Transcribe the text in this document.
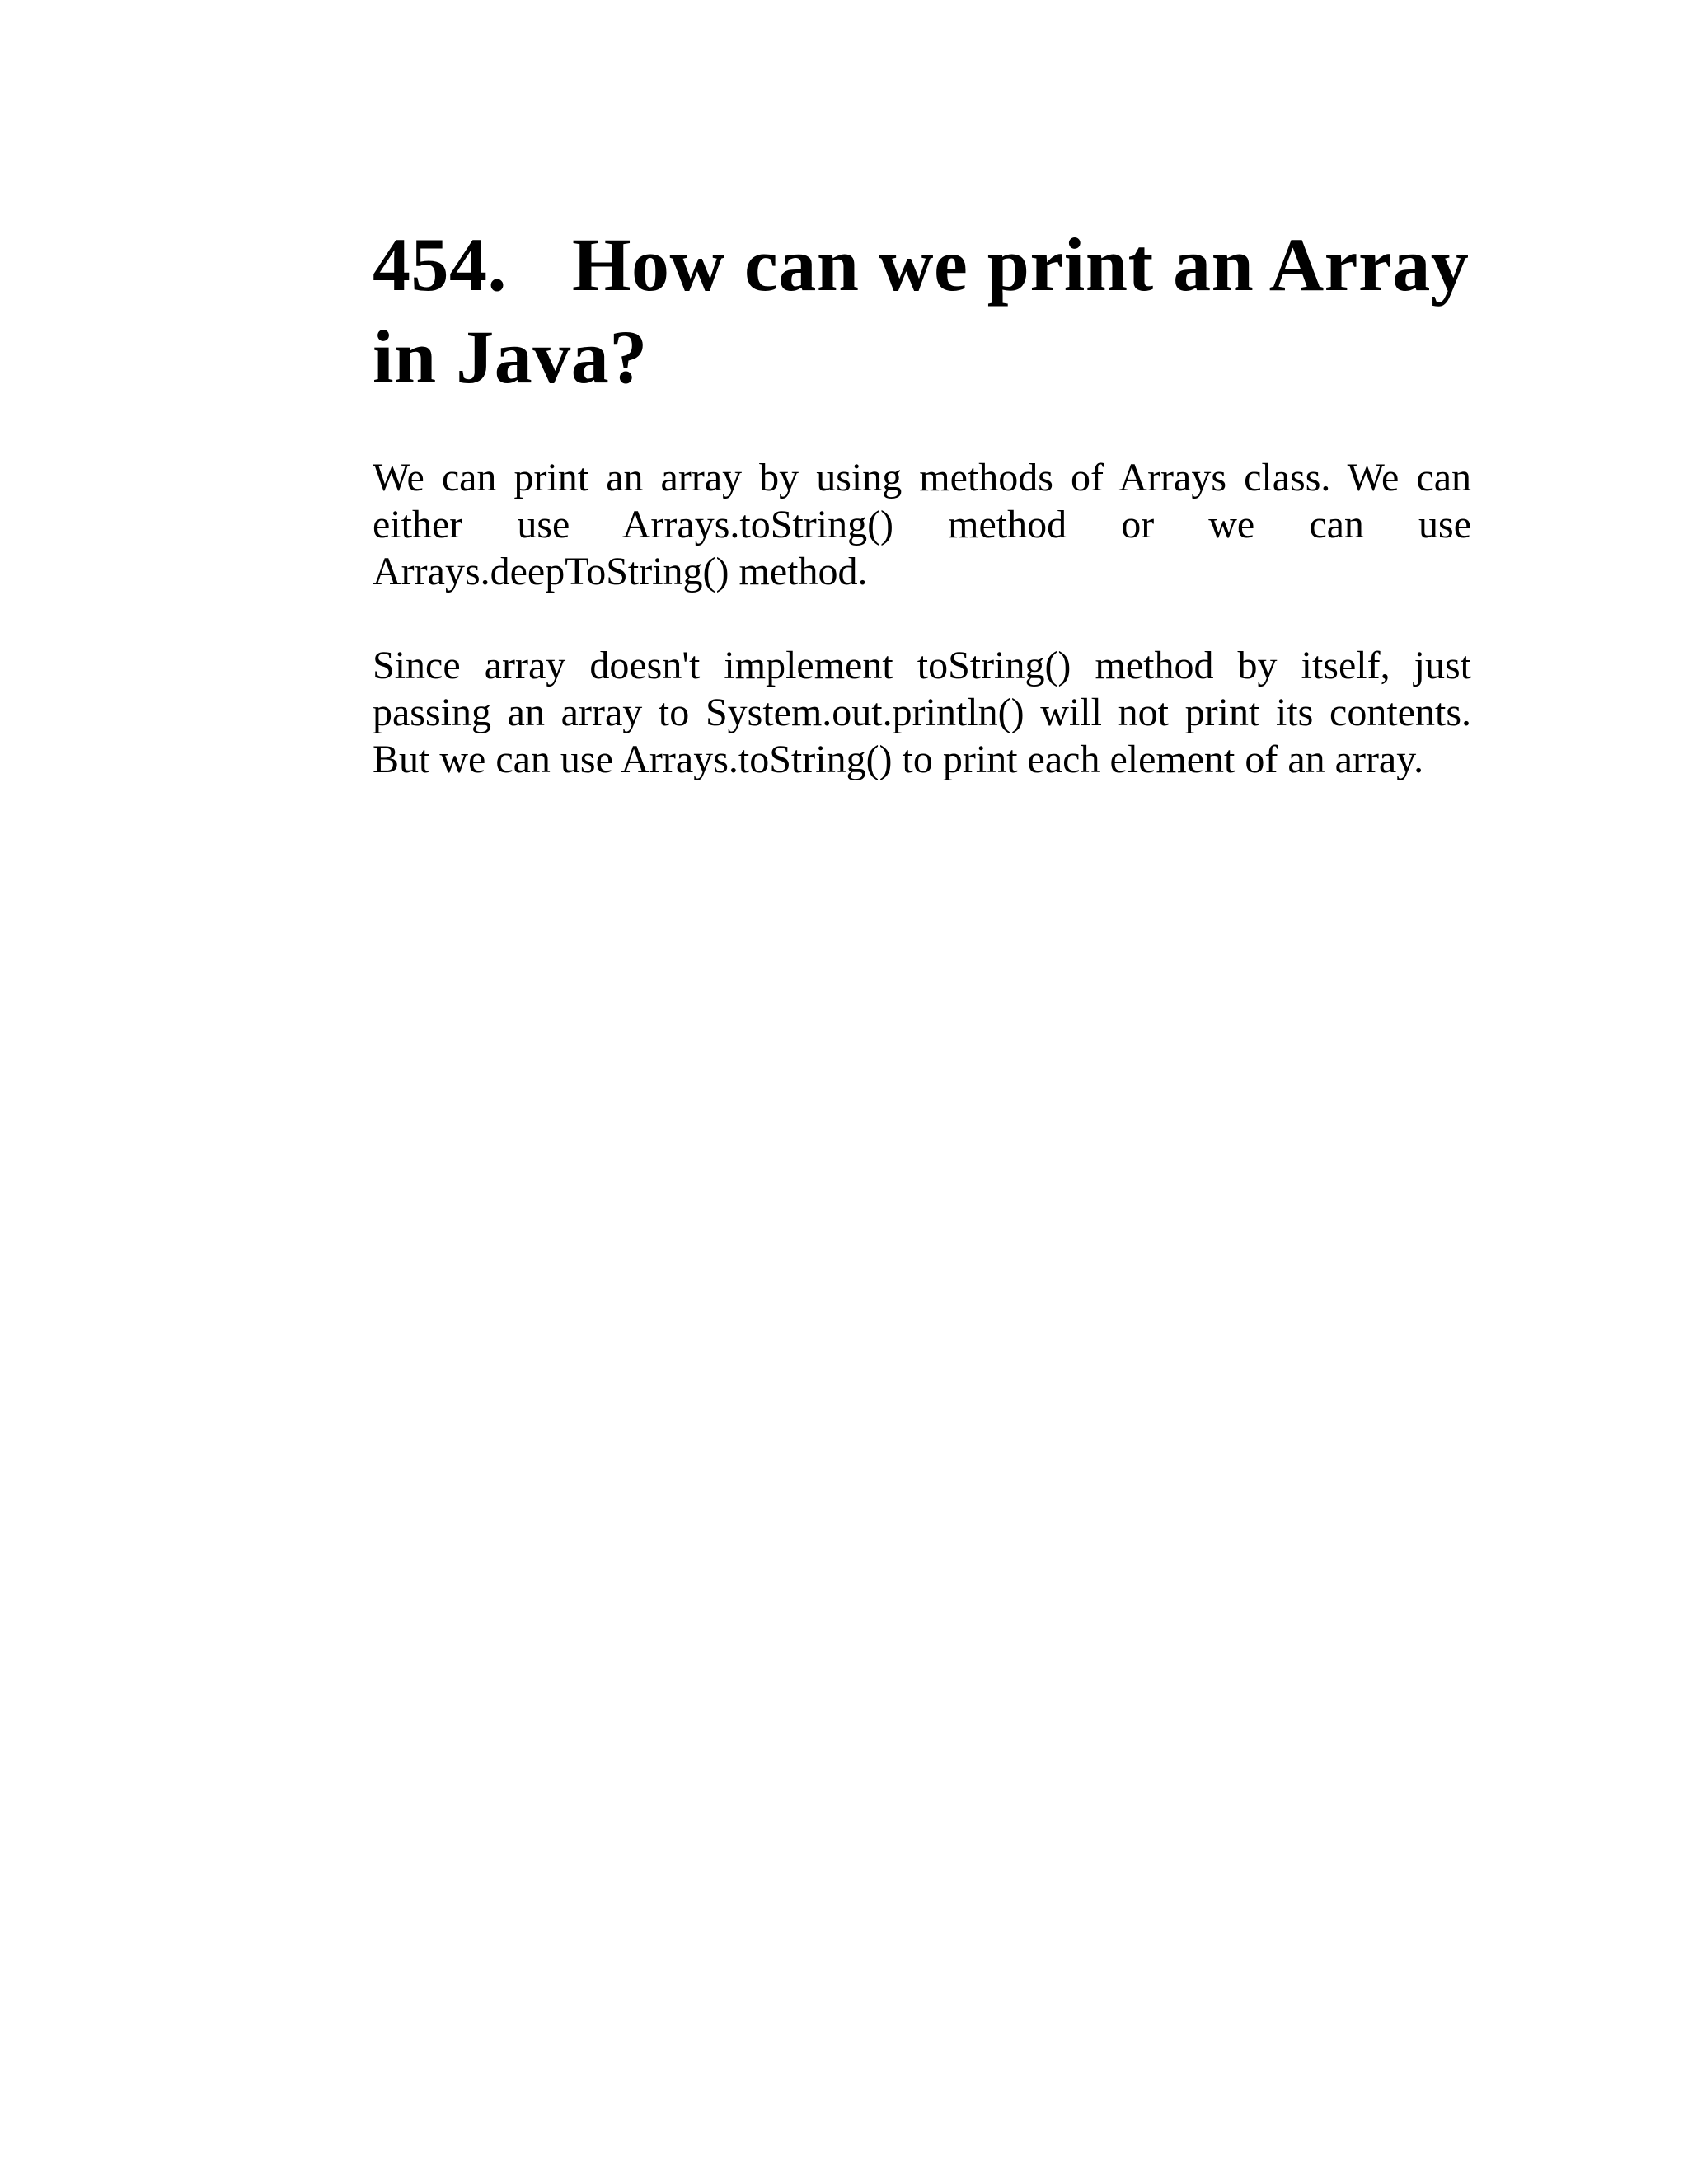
454. How can we print an Array in Java?

We can print an array by using methods of Arrays class. We can either use Arrays.toString() method or we can use Arrays.deepToString() method.

Since array doesn't implement toString() method by itself, just passing an array to System.out.println() will not print its contents. But we can use Arrays.toString() to print each element of an array.
